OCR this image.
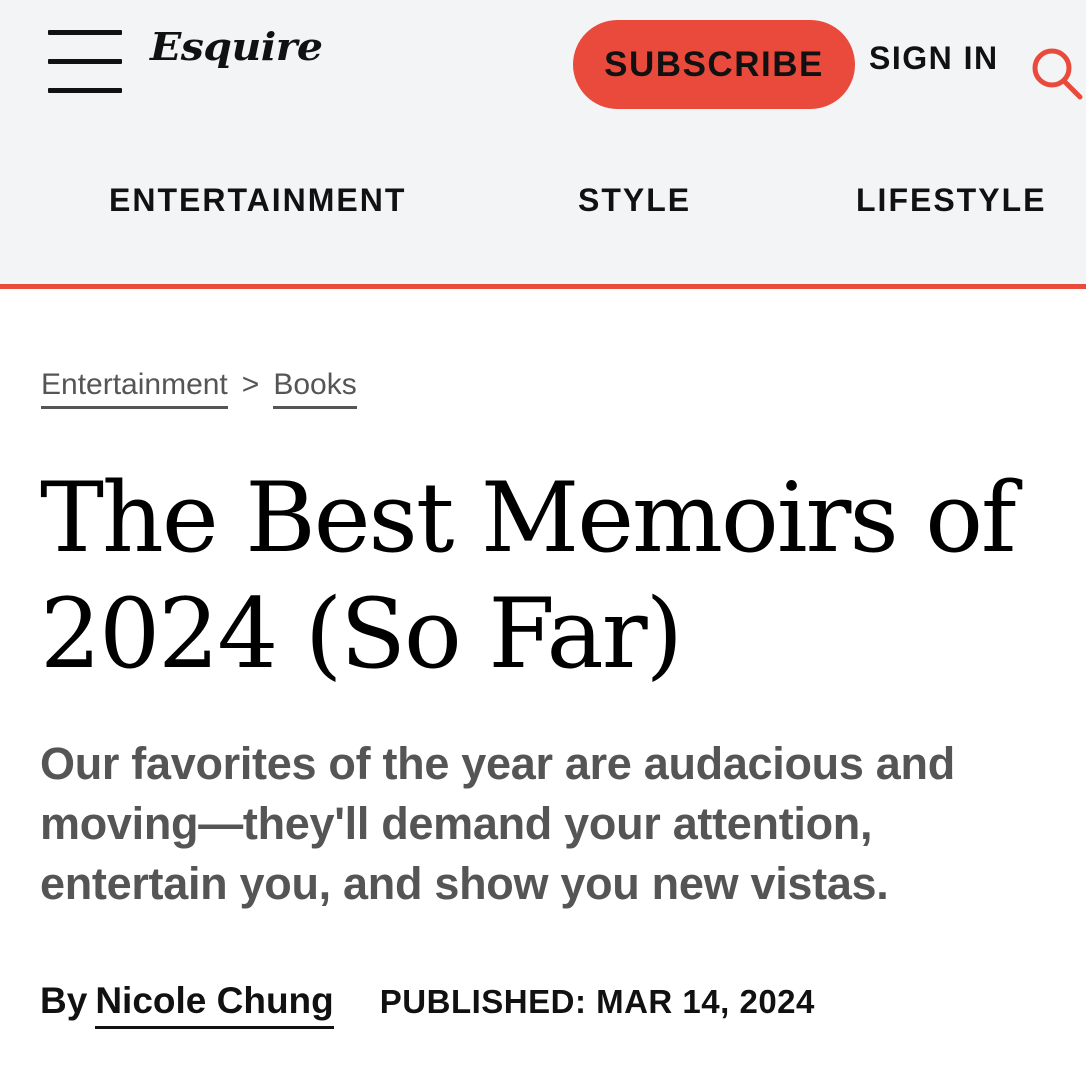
Esquire	SUBSCRIBE	SIGN IN
ENTERTAINMENT	STYLE	LIFESTYLE
Entertainment > Books
The Best Memoirs of 2024 (So Far)

Our favorites of the year are audacious and moving—they'll demand your attention, entertain you, and show you new vistas.

By Nicole Chung PUBLISHED: MAR 14, 2024
